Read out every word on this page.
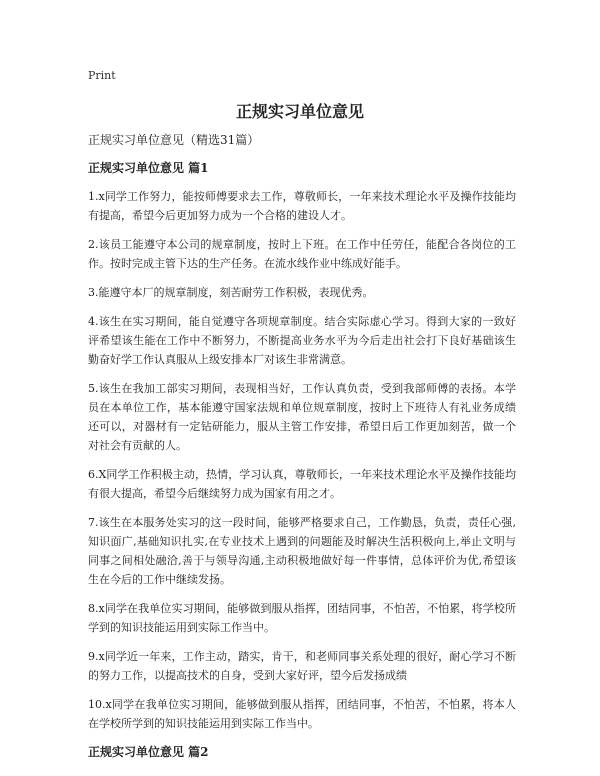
Print
正规实习单位意见

正规实习单位意见（精选31篇）

正规实习单位意见 篇1

1.x同学工作努力，能按师傅要求去工作，尊敬师长，一年来技术理论水平及操作技能均有提高，希望今后更加努力成为一个合格的建设人才。

2.该员工能遵守本公司的规章制度，按时上下班。在工作中任劳任，能配合各岗位的工作。按时完成主管下达的生产任务。在流水线作业中练成好能手。

3.能遵守本厂的规章制度，刻苦耐劳工作积极，表现优秀。

4.该生在实习期间，能自觉遵守各项规章制度。结合实际虚心学习。得到大家的一致好评希望该生能在工作中不断努力，不断提高业务水平为今后走出社会打下良好基础该生勤奋好学工作认真服从上级安排本厂对该生非常满意。

5.该生在我加工部实习期间，表现相当好，工作认真负责，受到我部师傅的表扬。本学员在本单位工作，基本能遵守国家法规和单位规章制度，按时上下班待人有礼业务成绩还可以，对器材有一定钻研能力，服从主管工作安排，希望日后工作更加刻苦，做一个对社会有贡献的人。

6.X同学工作积极主动，热情，学习认真，尊敬师长，一年来技术理论水平及操作技能均有很大提高，希望今后继续努力成为国家有用之才。

7.该生在本服务处实习的这一段时间，能够严格要求自己，工作勤恳，负责，责任心强,知识面广,基础知识扎实,在专业技术上遇到的问题能及时解决生活积极向上,举止文明与同事之间相处融洽,善于与领导沟通,主动积极地做好每一件事情，总体评价为优,希望该生在今后的工作中继续发扬。

8.x同学在我单位实习期间，能够做到服从指挥，团结同事，不怕苦，不怕累，将学校所学到的知识技能运用到实际工作当中。

9.x同学近一年来，工作主动，踏实，肯干，和老师同事关系处理的很好，耐心学习不断的努力工作，以提高技术的自身，受到大家好评，望今后发扬成绩

10.x同学在我单位实习期间，能够做到服从指挥，团结同事，不怕苦，不怕累，将本人在学校所学到的知识技能运用到实际工作当中。

正规实习单位意见 篇2
